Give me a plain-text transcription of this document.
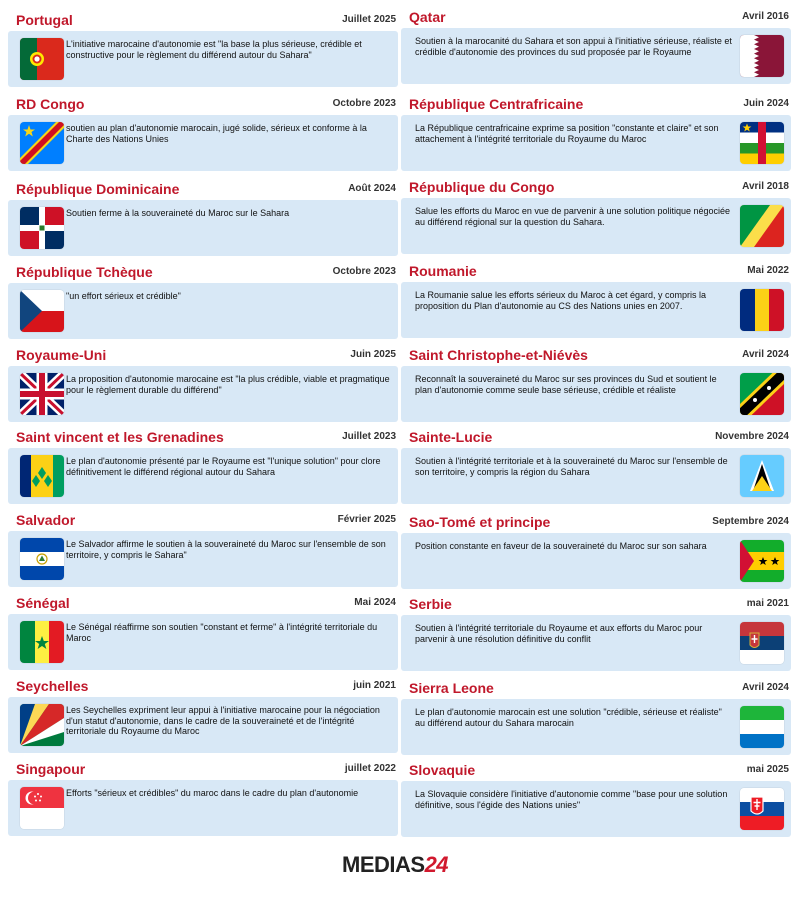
Portugal	Juillet 2025
L'initiative marocaine d'autonomie est "la base la plus sérieuse, crédible et constructive pour le règlement du différend autour du Sahara"
RD Congo	Octobre 2023
soutien au plan d'autonomie marocain, jugé solide, sérieux et conforme à la Charte des Nations Unies
République Dominicaine	Août 2024
Soutien ferme à la souveraineté du Maroc sur le Sahara
République Tchèque	Octobre 2023
"un effort sérieux et crédible"
Royaume-Uni	Juin 2025
La proposition d'autonomie marocaine est "la plus crédible, viable et pragmatique pour le règlement durable du différend"
Saint vincent et les Grenadines	Juillet 2023
Le plan d'autonomie présenté par le Royaume est "l'unique solution" pour clore définitivement le différend régional autour du Sahara
Salvador	Février 2025
Le Salvador affirme le soutien à la souveraineté du Maroc sur l'ensemble de son territoire, y compris le Sahara"
Sénégal	Mai 2024
Le Sénégal réaffirme son soutien "constant et ferme" à l'intégrité territoriale du Maroc
Seychelles	juin 2021
Les Seychelles expriment leur appui à l'initiative marocaine pour la négociation d'un statut d'autonomie, dans le cadre de la souveraineté et de l'intégrité territoriale du Royaume du Maroc
Singapour	juillet 2022
Efforts "sérieux et crédibles" du maroc dans le cadre du plan d'autonomie
Qatar	Avril 2016
Soutien à la marocanité du Sahara et son appui à l'initiative sérieuse, réaliste et crédible d'autonomie des provinces du sud proposée par le Royaume
République Centrafricaine	Juin 2024
La République centrafricaine exprime sa position "constante et claire" et son attachement à l'intégrité territoriale du Royaume du Maroc
République du Congo	Avril 2018
Salue les efforts du Maroc en vue de parvenir à une solution politique négociée au différend régional sur la question du Sahara.
Roumanie	Mai 2022
La Roumanie salue les efforts sérieux du Maroc à cet égard, y compris la proposition du Plan d'autonomie au CS des Nations unies en 2007.
Saint Christophe-et-Niévès	Avril 2024
Reconnaît la souveraineté du Maroc sur ses provinces du Sud et soutient le plan d'autonomie comme seule base sérieuse, crédible et réaliste
Sainte-Lucie	Novembre 2024
Soutien à l'intégrité territoriale et à la souveraineté du Maroc sur l'ensemble de son territoire, y compris la région du Sahara
Sao-Tomé et principe	Septembre 2024
Position constante en faveur de la souveraineté du Maroc sur son sahara
Serbie	mai 2021
Soutien à l'intégrité territoriale du Royaume et aux efforts du Maroc pour parvenir à une résolution définitive du conflit
Sierra Leone	Avril 2024
Le plan d'autonomie marocain est une solution "crédible, sérieuse et réaliste" au différend autour du Sahara marocain
Slovaquie	mai 2025
La Slovaquie considère l'initiative d'autonomie comme "base pour une solution définitive, sous l'égide des Nations unies"
MEDIAS24
